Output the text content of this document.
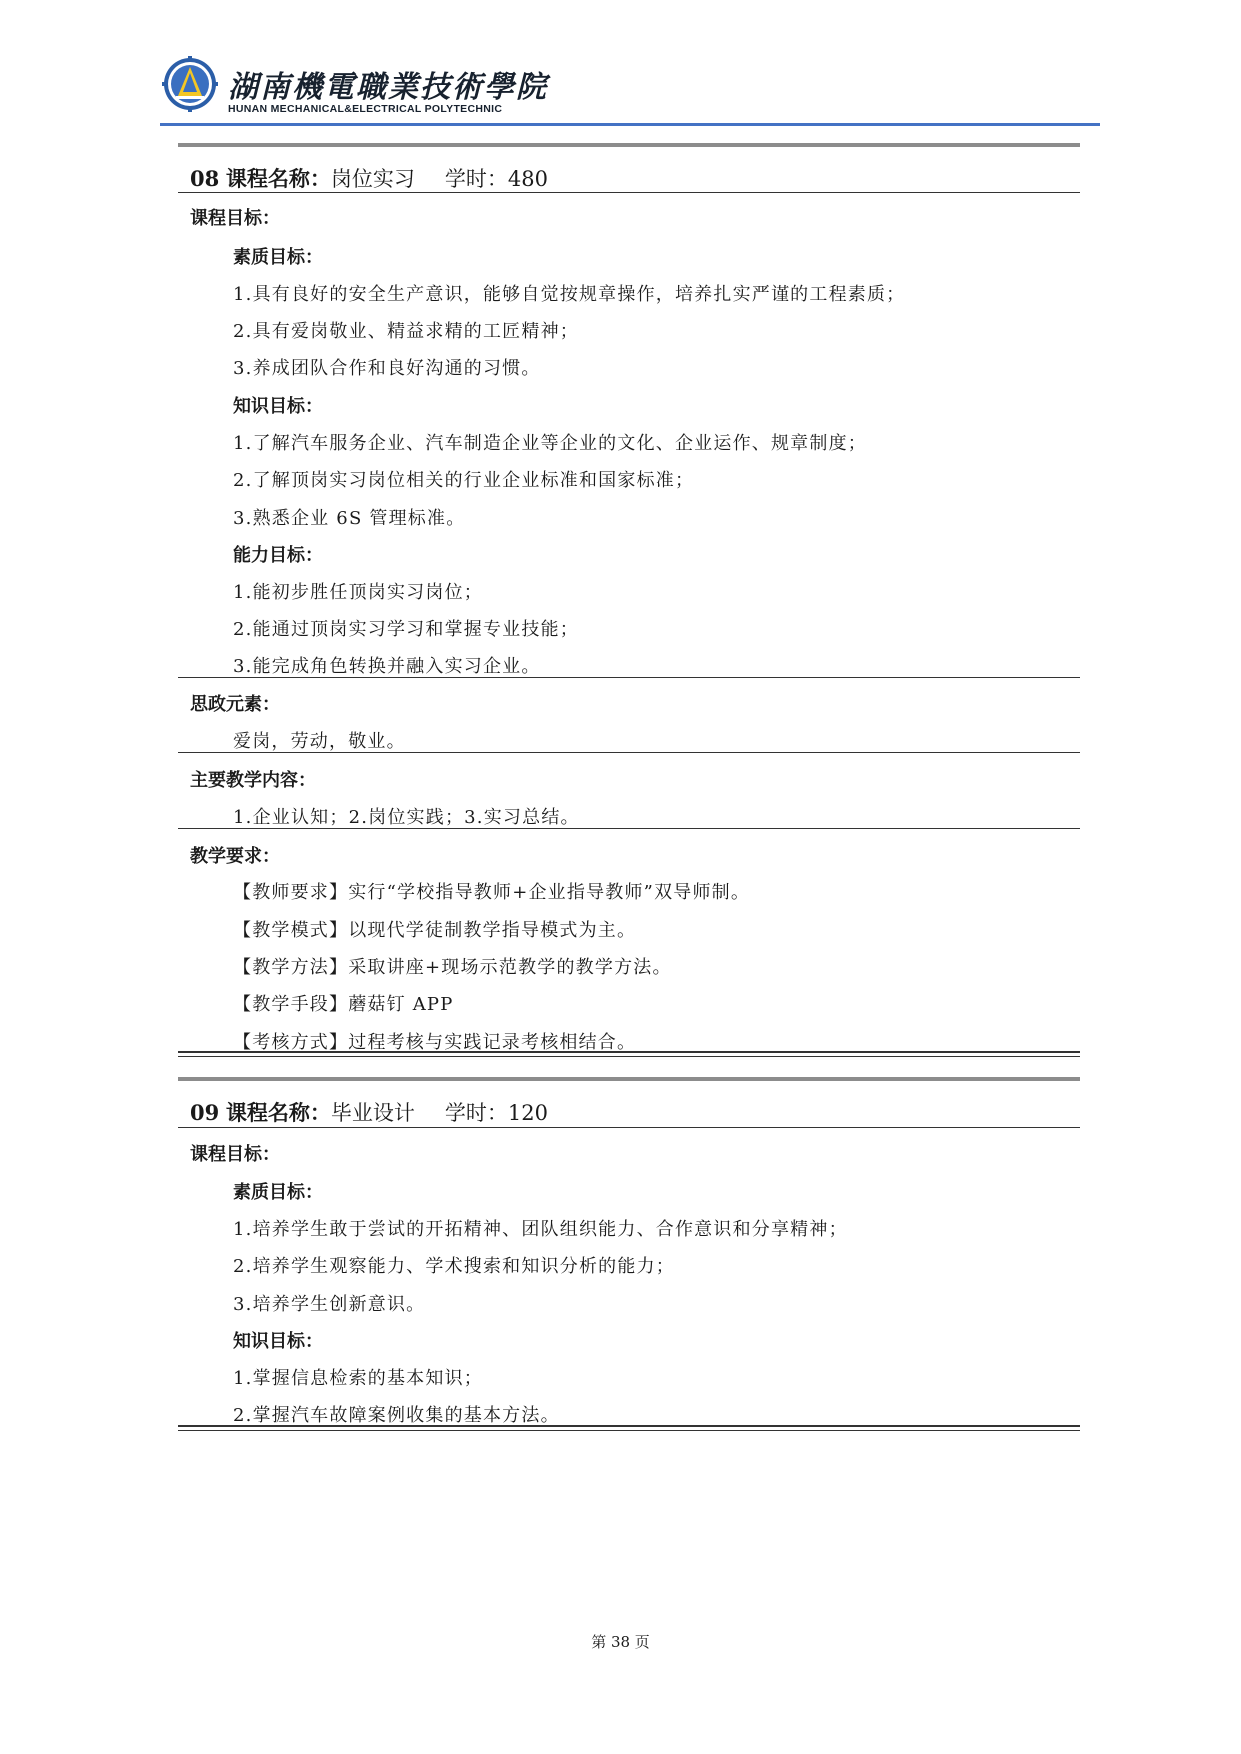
湖南機電職業技術學院
HUNAN MECHANICAL&ELECTRICAL POLYTECHNIC
08 课程名称：岗位实习 学时：480
课程目标：
素质目标：
1.具有良好的安全生产意识，能够自觉按规章操作，培养扎实严谨的工程素质；
2.具有爱岗敬业、精益求精的工匠精神；
3.养成团队合作和良好沟通的习惯。
知识目标：
1.了解汽车服务企业、汽车制造企业等企业的文化、企业运作、规章制度；
2.了解顶岗实习岗位相关的行业企业标准和国家标准；
3.熟悉企业 6S 管理标准。
能力目标：
1.能初步胜任顶岗实习岗位；
2.能通过顶岗实习学习和掌握专业技能；
3.能完成角色转换并融入实习企业。
思政元素：
爱岗，劳动，敬业。
主要教学内容：
1.企业认知；2.岗位实践；3.实习总结。
教学要求：
【教师要求】实行“学校指导教师+企业指导教师”双导师制。
【教学模式】以现代学徒制教学指导模式为主。
【教学方法】采取讲座+现场示范教学的教学方法。
【教学手段】蘑菇钉 APP
【考核方式】过程考核与实践记录考核相结合。
09 课程名称：毕业设计 学时：120
课程目标：
素质目标：
1.培养学生敢于尝试的开拓精神、团队组织能力、合作意识和分享精神；
2.培养学生观察能力、学术搜索和知识分析的能力；
3.培养学生创新意识。
知识目标：
1.掌握信息检索的基本知识；
2.掌握汽车故障案例收集的基本方法。
第 38 页
